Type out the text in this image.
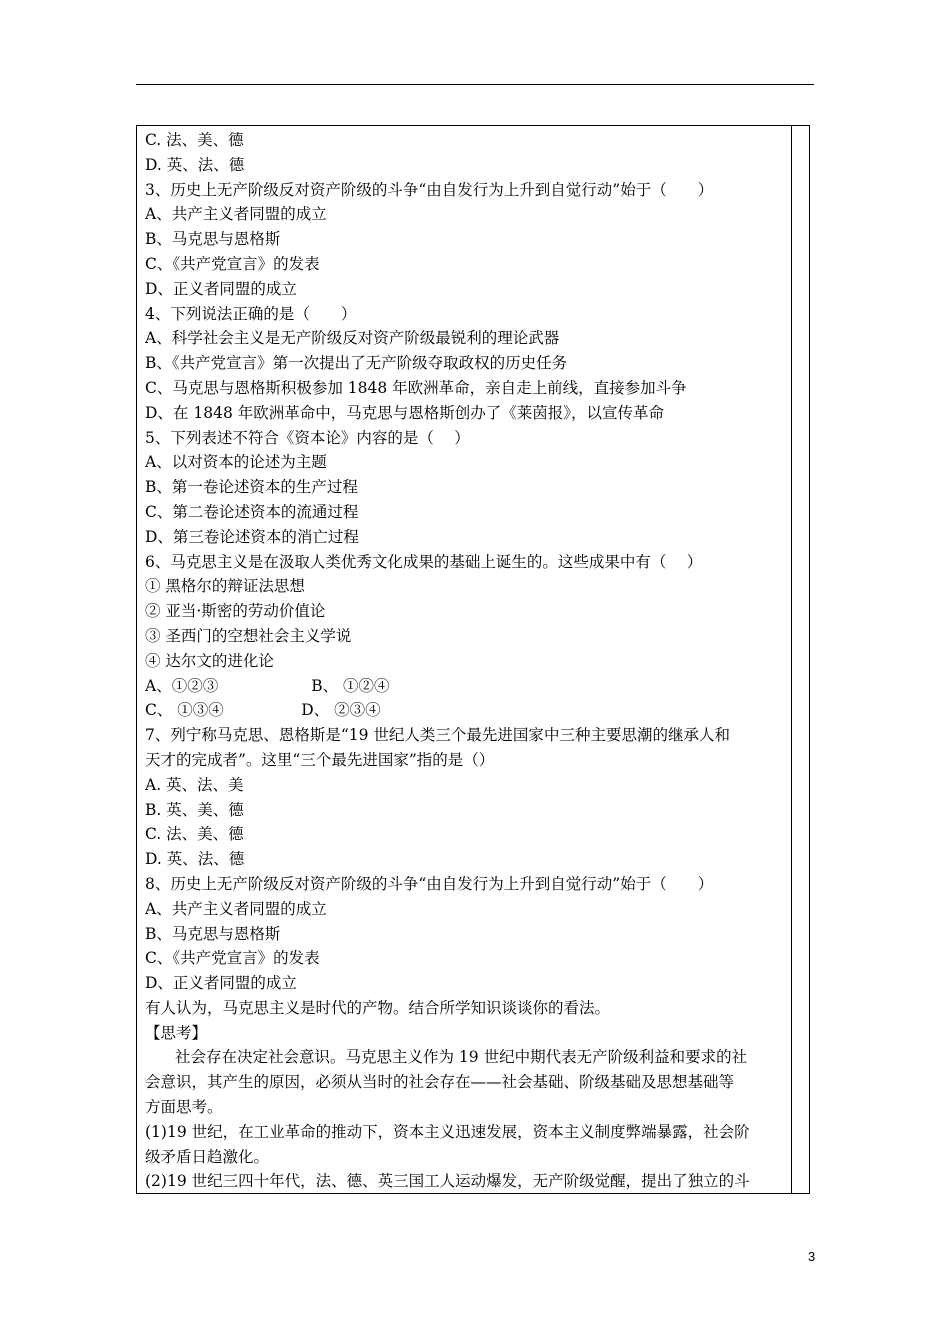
C. 法、美、德
D. 英、法、德
3、历史上无产阶级反对资产阶级的斗争“由自发行为上升到自觉行动”始于（　　）
A、共产主义者同盟的成立
B、马克思与恩格斯
C、《共产党宣言》的发表
D、正义者同盟的成立
4、下列说法正确的是（　　）
A、科学社会主义是无产阶级反对资产阶级最锐利的理论武器
B、《共产党宣言》第一次提出了无产阶级夺取政权的历史任务
C、马克思与恩格斯积极参加 1848 年欧洲革命，亲自走上前线，直接参加斗争
D、在 1848 年欧洲革命中，马克思与恩格斯创办了《莱茵报》，以宣传革命
5、下列表述不符合《资本论》内容的是（　 ）
A、以对资本的论述为主题
B、第一卷论述资本的生产过程
C、第二卷论述资本的流通过程
D、第三卷论述资本的消亡过程
6、马克思主义是在汲取人类优秀文化成果的基础上诞生的。这些成果中有（　 ）
① 黑格尔的辩证法思想
② 亚当·斯密的劳动价值论
③ 圣西门的空想社会主义学说
④ 达尔文的进化论
A、①②③　　　　　　B、 ①②④
C、 ①③④　　　　　D、 ②③④
7、列宁称马克思、恩格斯是“19 世纪人类三个最先进国家中三种主要思潮的继承人和
天才的完成者”。这里“三个最先进国家”指的是（）
A. 英、法、美
B. 英、美、德
C. 法、美、德
D. 英、法、德
8、历史上无产阶级反对资产阶级的斗争“由自发行为上升到自觉行动”始于（　　）
A、共产主义者同盟的成立
B、马克思与恩格斯
C、《共产党宣言》的发表
D、正义者同盟的成立
有人认为，马克思主义是时代的产物。结合所学知识谈谈你的看法。
【思考】
社会存在决定社会意识。马克思主义作为 19 世纪中期代表无产阶级利益和要求的社
会意识，其产生的原因，必须从当时的社会存在——社会基础、阶级基础及思想基础等
方面思考。
(1)19 世纪，在工业革命的推动下，资本主义迅速发展，资本主义制度弊端暴露，社会阶
级矛盾日趋激化。
(2)19 世纪三四十年代，法、德、英三国工人运动爆发，无产阶级觉醒，提出了独立的斗
3
